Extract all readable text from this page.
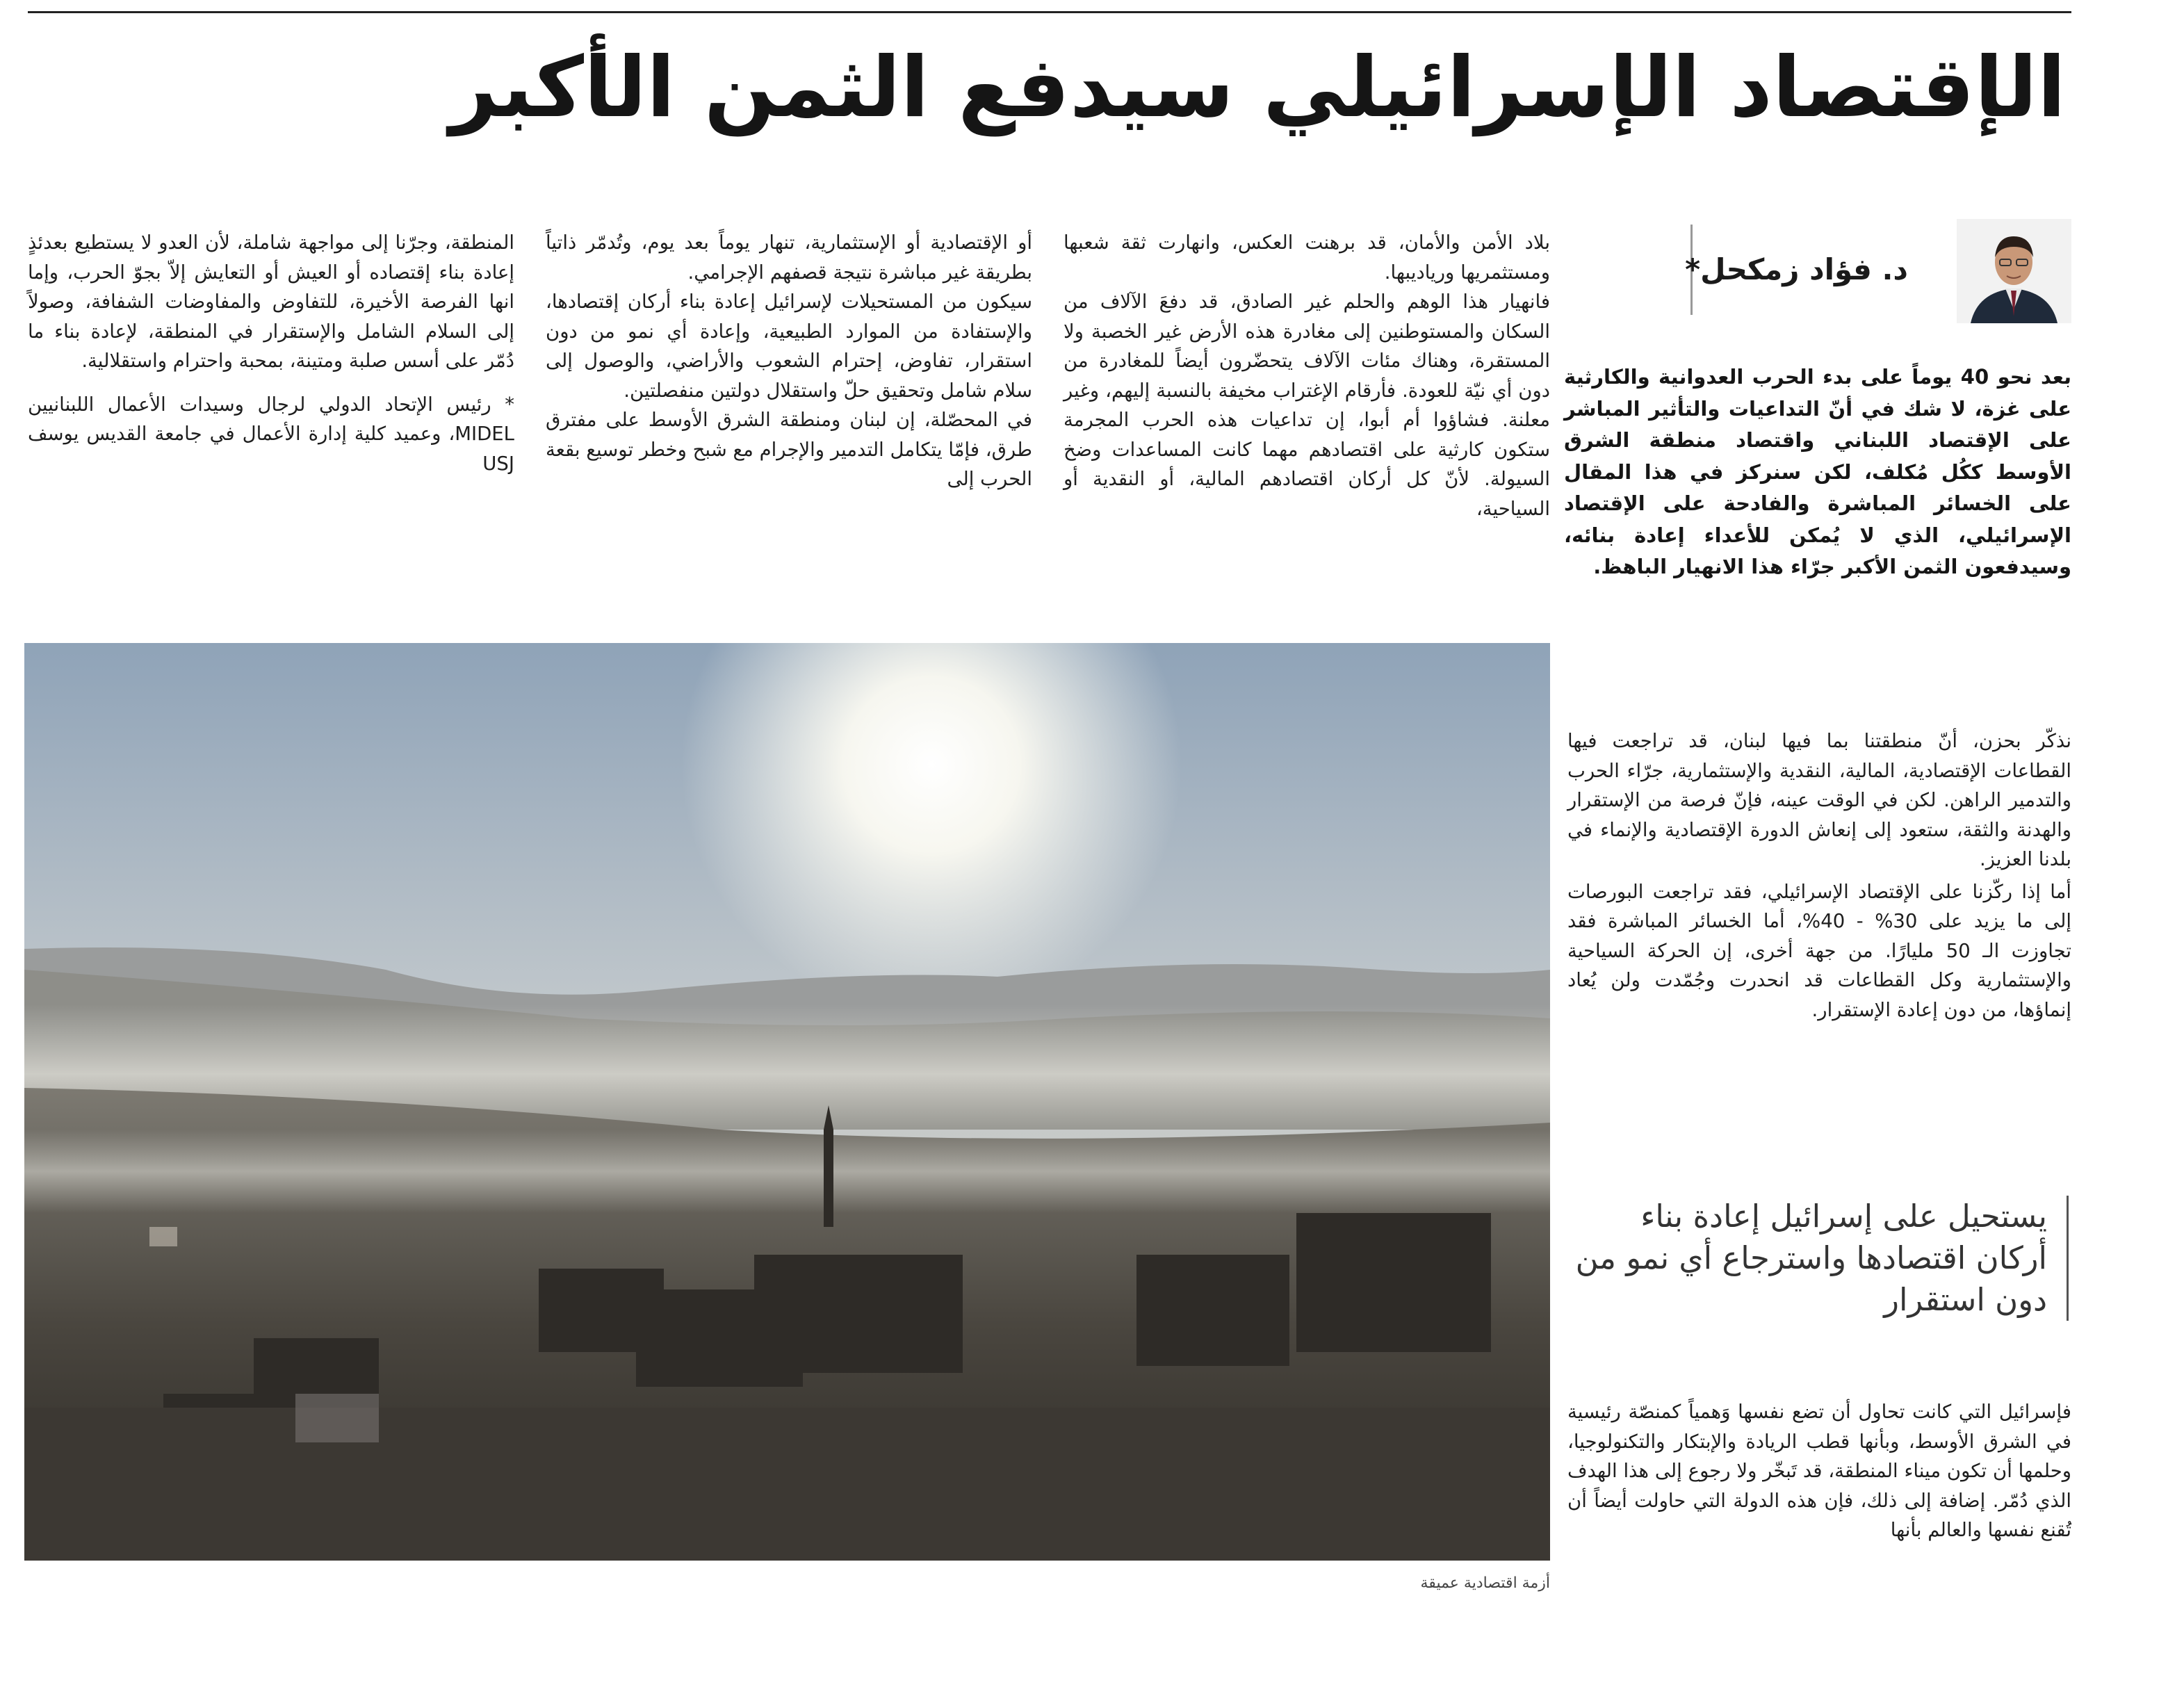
الإقتصاد الإسرائيلي سيدفع الثمن الأكبر
د. فؤاد زمكحل*
بعد نحو 40 يوماً على بدء الحرب العدوانية والكارثية على غزة، لا شك في أنّ التداعيات والتأثير المباشر على الإقتصاد اللبناني واقتصاد منطقة الشرق الأوسط ككُل مُكلف، لكن سنركز في هذا المقال على الخسائر المباشرة والفادحة على الإقتصاد الإسرائيلي، الذي لا يُمكن للأعداء إعادة بنائه، وسيدفعون الثمن الأكبر جرّاء هذا الانهيار الباهظ.

نذكّر بحزن، أنّ منطقتنا بما فيها لبنان، قد تراجعت فيها القطاعات الإقتصادية، المالية، النقدية والإستثمارية، جرّاء الحرب والتدمير الراهن. لكن في الوقت عينه، فإنّ فرصة من الإستقرار والهدنة والثقة، ستعود إلى إنعاش الدورة الإقتصادية والإنماء في بلدنا العزيز.

أما إذا ركّزنا على الإقتصاد الإسرائيلي، فقد تراجعت البورصات إلى ما يزيد على 30% - 40%، أما الخسائر المباشرة فقد تجاوزت الـ 50 مليارًا. من جهة أخرى، إن الحركة السياحية والإستثمارية وكل القطاعات قد انحدرت وجُمّدت ولن يُعاد إنماؤها، من دون إعادة الإستقرار.

يستحيل على إسرائيل إعادة بناء أركان اقتصادها واسترجاع أي نمو من دون استقرار

فإسرائيل التي كانت تحاول أن تضع نفسها وَهمياً كمنصّة رئيسية في الشرق الأوسط، وبأنها قطب الريادة والإبتكار والتكنولوجيا، وحلمها أن تكون ميناء المنطقة، قد تَبخّر ولا رجوع إلى هذا الهدف الذي دُمّر. إضافة إلى ذلك، فإن هذه الدولة التي حاولت أيضاً أن تُقنع نفسها والعالم بأنها

بلاد الأمن والأمان، قد برهنت العكس، وانهارت ثقة شعبها ومستثمريها ورياديبها.
فانهيار هذا الوهم والحلم غير الصادق، قد دفعَ الآلاف من السكان والمستوطنين إلى مغادرة هذه الأرض غير الخصبة ولا المستقرة، وهناك مئات الآلاف يتحضّرون أيضاً للمغادرة من دون أي نيّة للعودة. فأرقام الإغتراب مخيفة بالنسبة إليهم، وغير معلنة. فشاؤوا أم أبوا، إن تداعيات هذه الحرب المجرمة ستكون كارثية على اقتصادهم مهما كانت المساعدات وضخ السيولة. لأنّ كل أركان اقتصادهم المالية، أو النقدية أو السياحية،
أو الإقتصادية أو الإستثمارية، تنهار يوماً بعد يوم، وتُدمّر ذاتياً بطريقة غير مباشرة نتيجة قصفهم الإجرامي.
سيكون من المستحيلات لإسرائيل إعادة بناء أركان إقتصادها، والإستفادة من الموارد الطبيعية، وإعادة أي نمو من دون استقرار، تفاوض، إحترام الشعوب والأراضي، والوصول إلى سلام شامل وتحقيق حلّ واستقلال دولتين منفصلتين.
في المحصّلة، إن لبنان ومنطقة الشرق الأوسط على مفترق طرق، فإمّا يتكامل التدمير والإجرام مع شبح وخطر توسيع بقعة الحرب إلى

المنطقة، وجرّنا إلى مواجهة شاملة، لأن العدو لا يستطيع بعدئذٍ إعادة بناء إقتصاده أو العيش أو التعايش إلاّ بجوّ الحرب، وإما انها الفرصة الأخيرة، للتفاوض والمفاوضات الشفافة، وصولاً إلى السلام الشامل والإستقرار في المنطقة، لإعادة بناء ما دُمّر على أسس صلبة ومتينة، بمحبة واحترام واستقلالية.

* رئيس الإتحاد الدولي لرجال وسيدات الأعمال اللبنانيين MIDEL، وعميد كلية إدارة الأعمال في جامعة القديس يوسف USJ

أزمة اقتصادية عميقة
